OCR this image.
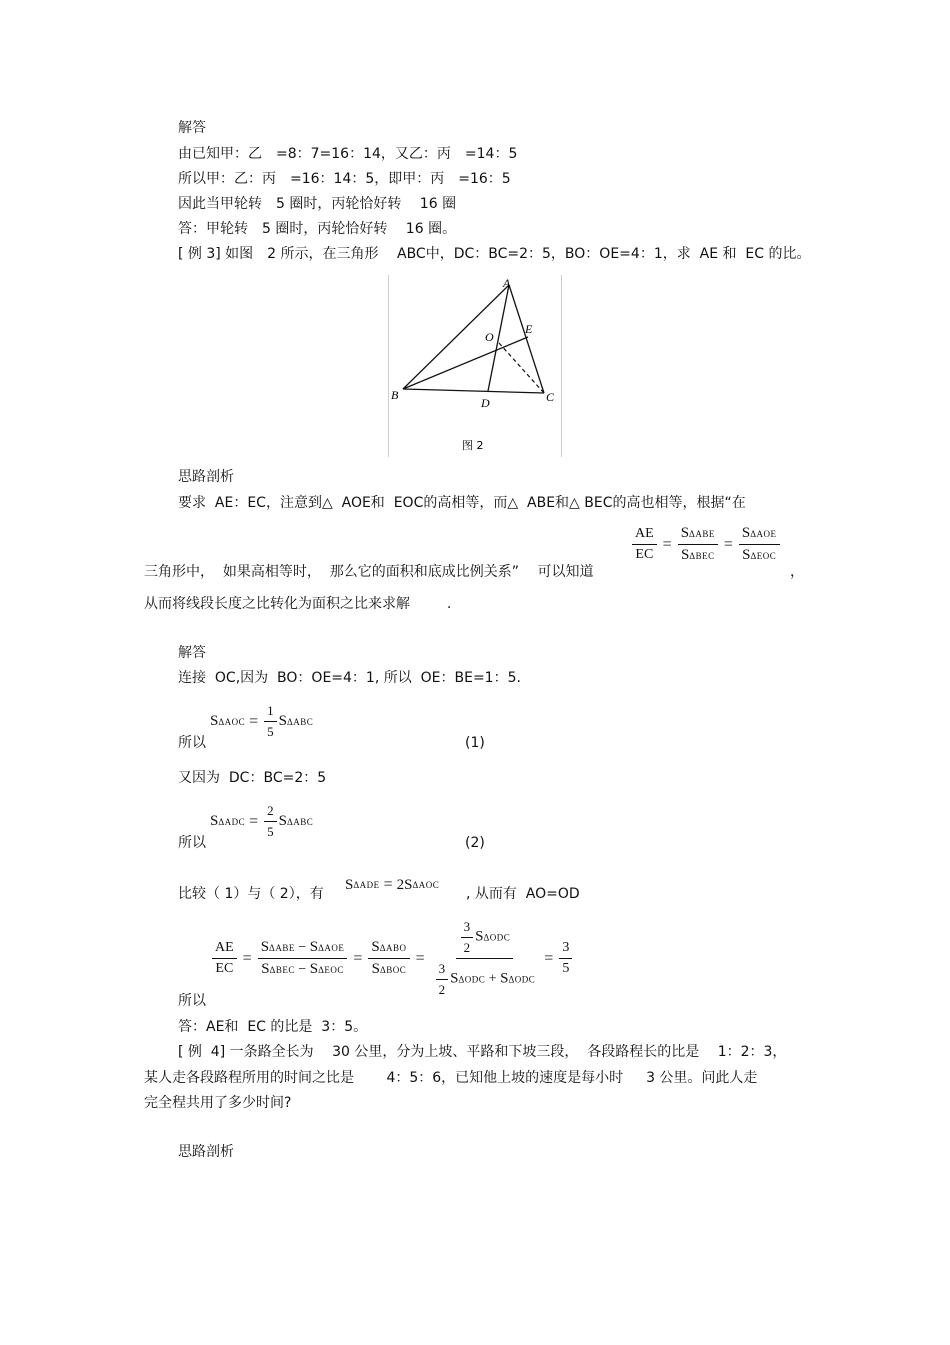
解答
由已知甲：乙　=8：7=16：14，又乙：丙　=14：5
所以甲：乙：丙　=16：14：5，即甲：丙　=16：5
因此当甲轮转　5 圈时，丙轮恰好转　 16 圈
答：甲轮转　5 圈时，丙轮恰好转　 16 圈。
[ 例 3] 如图　2 所示，在三角形　 ABC中，DC：BC=2：5，BO：OE=4：1，求  AE 和  EC 的比。
A
B	C
D
E
O
图 2
思路剖析
要求  AE：EC，注意到△  AOE和  EOC的高相等，而△  ABE和△ BEC的高也相等，根据“在
三角形中，  如果高相等时，  那么它的面积和底成比例关系”　 可以知道
$\frac{AE}{EC} = \frac{\text{SΔABE}}{\text{SΔBEC}} = \frac{\text{SΔAOE}}{\text{SΔEOC}}$
，
从而将线段长度之比转化为面积之比来求解　　  .
解答
连接  OC,因为  BO：OE=4：1, 所以  OE：BE=1：5.
所以
S $\Delta AOC = \frac{1}{5}$ S ΔABC
(1)
又因为  DC：BC=2：5
所以
S $\Delta ADC = \frac{2}{5}$ S ΔABC
(2)
比较（ 1）与（ 2），有
S ΔADE = 2S ΔAOC
, 从而有  AO=OD
$\frac{AE}{EC} = \frac{\text{SΔABE − SΔAOE}}{\text{SΔBEC − SΔEOC}} = \frac{\text{SΔABO}}{\text{SΔBOC}} = \frac{\frac{3}{2} S\Delta ODC}{\frac{3}{2} S\Delta ODC + S\Delta ODC} = \frac{3}{5}$
所以
答：AE和  EC 的比是  3：5。
[ 例  4] 一条路全长为　 30 公里，分为上坡、平路和下坡三段，  各段路程长的比是　 1：2：3，
某人走各段路程所用的时间之比是　　 4：5：6，已知他上坡的速度是每小时　  3 公里。问此人走
完全程共用了多少时间?
思路剖析
